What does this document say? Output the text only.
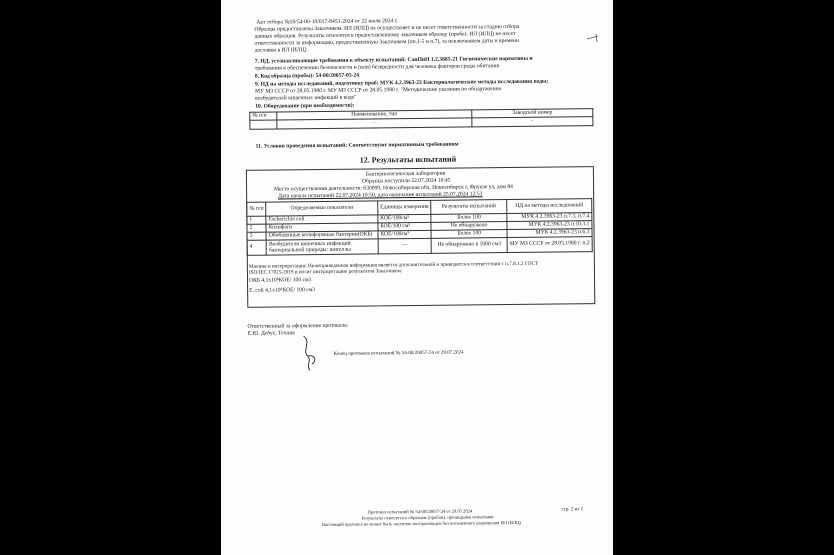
Акт отбора №10/54-00-10/017-8453-2024 от 22 июля 2024 г.
Образцы предоставлены Заказчиком. ИЛ (ИЛЦ) не осуществляет и не несет ответственности за стадию отбора
данных образцов. Результаты относятся к предоставленному заказчиком образцу (пробе). ИЛ (ИЛЦ) не несет
ответственности за информацию, предоставленную Заказчиком (пп.1-5 и п.7), за исключением даты и времени
доставки в ИЛ (ИЛЦ).
7. НД, устанавливающие требования к объекту испытаний: СанПиН 1.2.3685-21 Гигиенические нормативы и
требования к обеспечению безопасности и (или) безвредности для человека факторов среды обитания
8. Код образца (пробы): 54-00/20057-05-24
9. НД на методы исследований, подготовку проб: МУК 4.2.3963-23 Бактериологические методы исследования воды;
МУ МЗ СССР от 28.05.1980 г. МУ МЗ СССР от 28.05.1980 г. "Методические указания по обнаружению
возбудителей кишечных инфекций в воде"
10. Оборудование (при необходимости):
№ п/п	Наименование, тип	Заводской номер
	-	-
11. Условия проведения испытаний: Соответствуют нормативным требованиям
12. Результаты испытаний
Бактериологическая лаборатория
Образцы поступили 22.07.2024 10:45
Место осуществления деятельности: 630099, Новосибирская обл, Новосибирск г, Фрунзе ул, дом 84
Дата начала испытаний 22.07.2024 10:50, дата окончания испытаний 25.07.2024 12:53
№ п/п	Определяемые показатели	Единицы измерения	Результаты испытаний	НД на методы исследований
1	Escherichia coli	КОЕ/100см³	Более 100	МУК 4.2.3963-23 п.7.3, п.7.4
2	Колифаги	БОЕ/100 см³	Не обнаружено	МУК 4.2.3963-23 п.10.3.1
3	Обобщенные колиформные бактерии(ОКБ)	КОЕ/100см³	Более 100	МУК 4.2.3963-23 п.6.3
4	Возбудители кишечных инфекций бактериальной природы: шигеллы	---	Не обнаружено в 1000 см3	МУ МЗ СССР от 28.05.1980 г. п.2
Мнения и интерпретации: Нижеприведенная информация является дополнительной и приводится в соответствии с п.7.8.1.2 ГОСТ
ISO/IEC 17025-2019 и носит интерпретацию результатов Заказчиком:
ОКБ 4,1x10⁸КОЕ/ 100 см3
E. coli 4,1x10⁸КОЕ/ 100 см3
Ответственный за оформление протокола:
Е.Ю. Дебус, Техник
Конец протокола испытаний № 54-00/20057-24 от 29.07.2024
Протокол испытаний № 54-00/20057-24 от 29.07.2024
Результаты относятся к образцам (пробам), прошедшим испытания
Настоящий протокол не может быть частично воспроизведен без письменного разрешения ИЛ (ИЛЦ)
стр. 2 из 2
